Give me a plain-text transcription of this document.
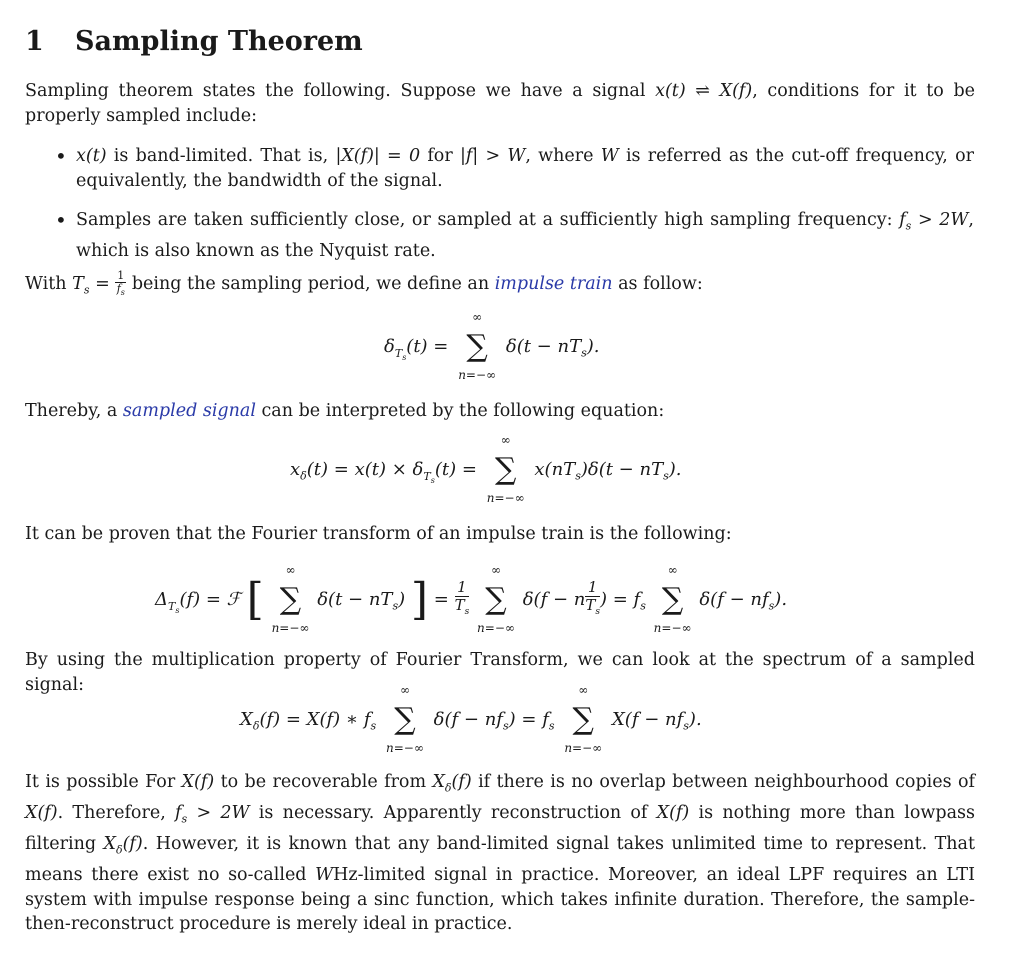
1 Sampling Theorem
Sampling theorem states the following. Suppose we have a signal x(t) ⇌ X(f), conditions for it to be properly sampled include:
• x(t) is band-limited. That is, |X(f)| = 0 for |f| > W, where W is referred as the cut-off frequency, or equivalently, the bandwidth of the signal.
• Samples are taken sufficiently close, or sampled at a sufficiently high sampling frequency: $f_s > 2W$, which is also known as the Nyquist rate.
With $T_s = \frac{1}{f_s}$ being the sampling period, we define an impulse train as follow:
$\delta_{T_s}(t)$ =
∞
∑
n=−∞
$\delta(t - nT_s)$.
Thereby, a sampled signal can be interpreted by the following equation:
$x_\delta(t) = x(t) \times \delta_{T_s}(t)$ =
∞
∑
n=−∞
$x(nT_s)\delta(t - nT_s)$.
It can be proven that the Fourier transform of an impulse train is the following:
$\Delta_{T_s}(f)$ = ℱ [
∞
∑
n=−∞
$\delta(t - nT_s)$ ] = $\frac{1}{T_s}$

∞
∑
n=−∞
δ(f − n $\frac{1}{T_s}$ ) = $f_s$
∞
∑
n=−∞
$\delta(f - nf_s)$.
By using the multiplication property of Fourier Transform, we can look at the spectrum of a sampled signal:
$X_\delta(f) = X(f)$ ∗ $f_s$
∞
∑
n=−∞
$\delta(f - nf_s) = f_s$
∞
∑
n=−∞
$X(f - nf_s)$.
It is possible For X(f) to be recoverable from $X_\delta(f)$ if there is no overlap between neighbourhood copies of X(f). Therefore, $f_s > 2W$ is necessary. Apparently reconstruction of X(f) is nothing more than lowpass filtering $X_\delta(f)$. However, it is known that any band-limited signal takes unlimited time to represent. That means there exist no so-called WHz-limited signal in practice. Moreover, an ideal LPF requires an LTI system with impulse response being a sinc function, which takes infinite duration. Therefore, the sample-then-reconstruct procedure is merely ideal in practice.
